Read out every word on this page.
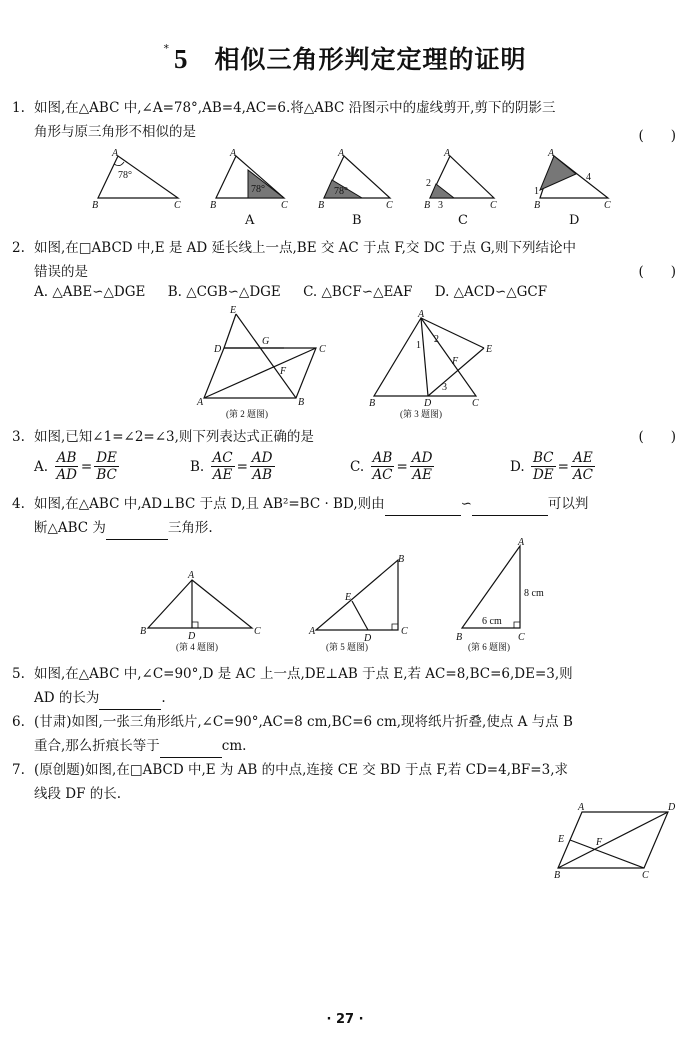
* 5 相似三角形判定定理的证明
1. 如图,在△ABC 中,∠A=78°,AB=4,AC=6.将△ABC 沿图示中的虚线剪开,剪下的阴影三
角形与原三角形不相似的是	(　　)
A
B	C
78°
A
B	C
78°
A
A
B	C
78°
B
2
3
A
B	C
C
1
4
A
B	C
D
2. 如图,在□ABCD 中,E 是 AD 延长线上一点,BE 交 AC 于点 F,交 DC 于点 G,则下列结论中
错误的是	(　　)
A. △ABE∽△DGE B. △CGB∽△DGE C. △BCF∽△EAF D. △ACD∽△GCF
E
D
G
C
F
A	B
(第 2 题图)
A
1
2
3
E
F
B	D	C
(第 3 题图)
3. 如图,已知∠1=∠2=∠3,则下列表达式正确的是	(　　)
A.

AB
AD
=
DE
BC
B.

AC
AE
=
AD
AB
C.

AB
AC
=
AD
AE
D.

BC
DE
=
AE
AC
4. 如图,在△ABC 中,AD⊥BC 于点 D,且 AB²=BC · BD,则由	∽	可以判
断△ABC 为	三角形.
A
B	D	C
(第 4 题图)
B
E
A
D
C
(第 5 题图)
A
8 cm
6 cm
B	C
(第 6 题图)
5. 如图,在△ABC 中,∠C=90°,D 是 AC 上一点,DE⊥AB 于点 E,若 AC=8,BC=6,DE=3,则
AD 的长为	.
6. (甘肃)如图,一张三角形纸片,∠C=90°,AC=8 cm,BC=6 cm,现将纸片折叠,使点 A 与点 B
重合,那么折痕长等于	cm.
7. (原创题)如图,在□ABCD 中,E 为 AB 的中点,连接 CE 交 BD 于点 F,若 CD=4,BF=3,求
线段 DF 的长.
A	D
E	F
B	C
· 27 ·
